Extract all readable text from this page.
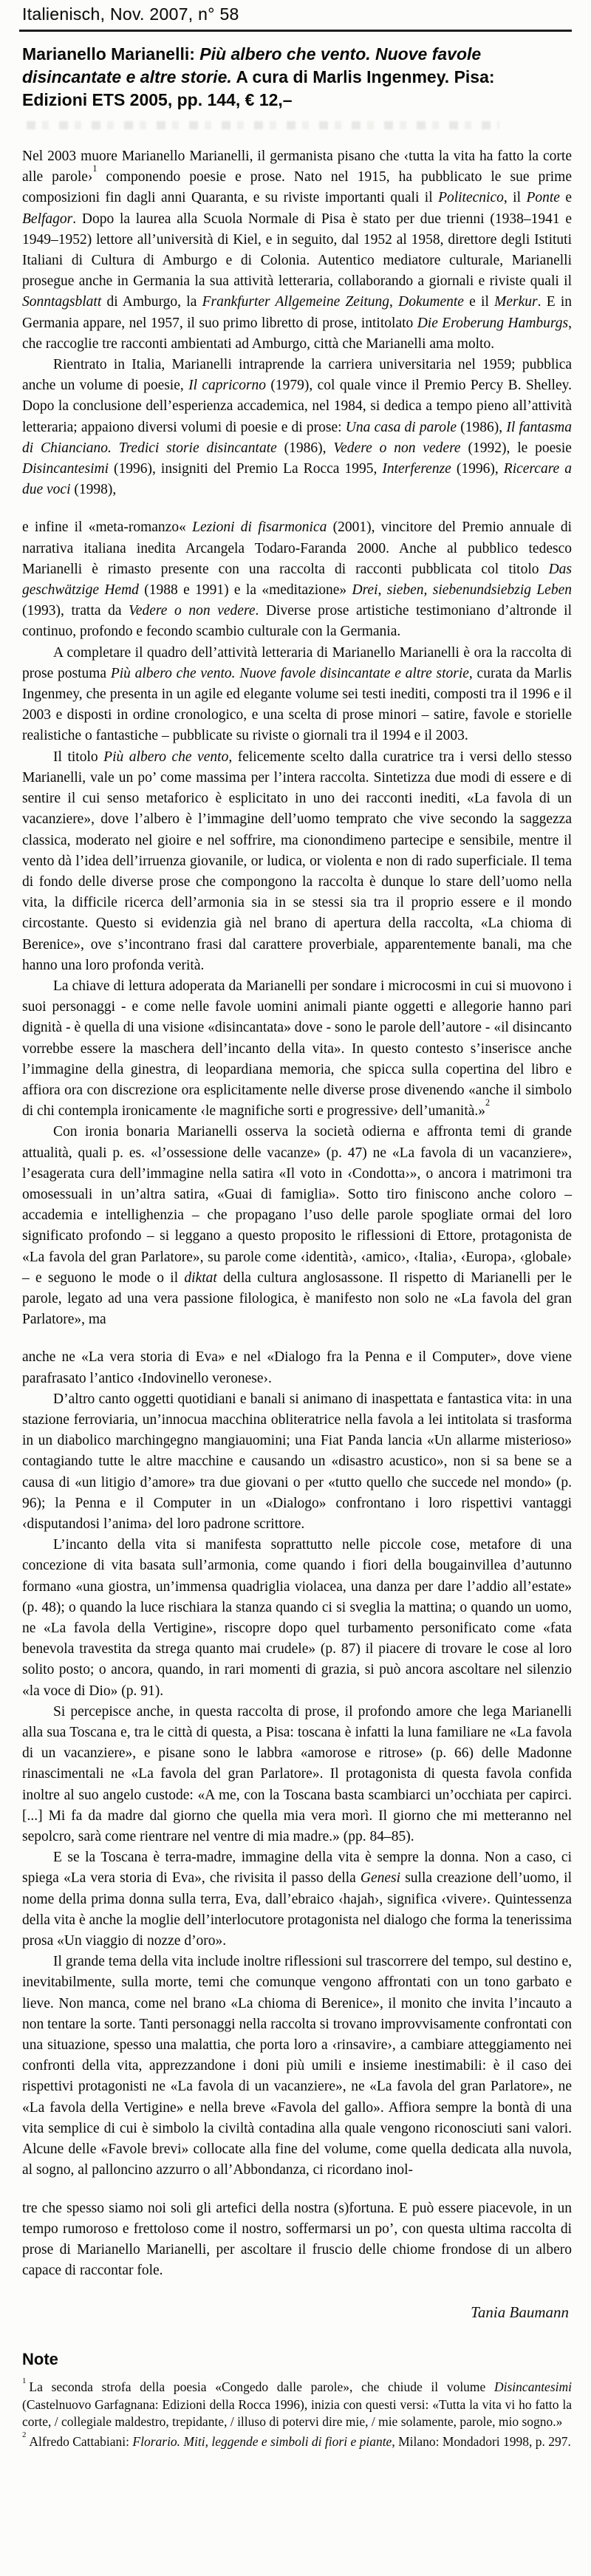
Italienisch, Nov. 2007, n° 58
Marianello Marianelli: Più albero che vento. Nuove favole disincantate e altre storie. A cura di Marlis Ingenmey. Pisa: Edizioni ETS 2005, pp. 144, € 12,–

Nel 2003 muore Marianello Marianelli, il germanista pisano che ‹tutta la vita ha fatto la corte alle parole›$^1$ componendo poesie e prose. Nato nel 1915, ha pubblicato le sue prime composizioni fin dagli anni Quaranta, e su riviste importanti quali il Politecnico, il Ponte e Belfagor. Dopo la laurea alla Scuola Normale di Pisa è stato per due trienni (1938–1941 e 1949–1952) lettore all’università di Kiel, e in seguito, dal 1952 al 1958, direttore degli Istituti Italiani di Cultura di Amburgo e di Colonia. Autentico mediatore culturale, Marianelli prosegue anche in Germania la sua attività letteraria, collaborando a giornali e riviste quali il Sonntagsblatt di Amburgo, la Frankfurter Allgemeine Zeitung, Dokumente e il Merkur. E in Germania appare, nel 1957, il suo primo libretto di prose, intitolato Die Eroberung Hamburgs, che raccoglie tre racconti ambientati ad Amburgo, città che Marianelli ama molto.

Rientrato in Italia, Marianelli intraprende la carriera universitaria nel 1959; pubblica anche un volume di poesie, Il capricorno (1979), col quale vince il Premio Percy B. Shelley. Dopo la conclusione dell’esperienza accademica, nel 1984, si dedica a tempo pieno all’attività letteraria; appaiono diversi volumi di poesie e di prose: Una casa di parole (1986), Il fantasma di Chianciano. Tredici storie disincantate (1986), Vedere o non vedere (1992), le poesie Disincantesimi (1996), insigniti del Premio La Rocca 1995, Interferenze (1996), Ricercare a due voci (1998),

e infine il «meta-romanzo« Lezioni di fisarmonica (2001), vincitore del Premio annuale di narrativa italiana inedita Arcangela Todaro-Faranda 2000. Anche al pubblico tedesco Marianelli è rimasto presente con una raccolta di racconti pubblicata col titolo Das geschwätzige Hemd (1988 e 1991) e la «meditazione» Drei, sieben, siebenundsiebzig Leben (1993), tratta da Vedere o non vedere. Diverse prose artistiche testimoniano d’altronde il continuo, profondo e fecondo scambio culturale con la Germania.

A completare il quadro dell’attività letteraria di Marianello Marianelli è ora la raccolta di prose postuma Più albero che vento. Nuove favole disincantate e altre storie, curata da Marlis Ingenmey, che presenta in un agile ed elegante volume sei testi inediti, composti tra il 1996 e il 2003 e disposti in ordine cronologico, e una scelta di prose minori – satire, favole e storielle realistiche o fantastiche – pubblicate su riviste o giornali tra il 1994 e il 2003.

Il titolo Più albero che vento, felicemente scelto dalla curatrice tra i versi dello stesso Marianelli, vale un po’ come massima per l’intera raccolta. Sintetizza due modi di essere e di sentire il cui senso metaforico è esplicitato in uno dei racconti inediti, «La favola di un vacanziere», dove l’albero è l’immagine dell’uomo temprato che vive secondo la saggezza classica, moderato nel gioire e nel soffrire, ma cionondimeno partecipe e sensibile, mentre il vento dà l’idea dell’irruenza giovanile, or ludica, or violenta e non di rado superficiale. Il tema di fondo delle diverse prose che compongono la raccolta è dunque lo stare dell’uomo nella vita, la difficile ricerca dell’armonia sia in se stessi sia tra il proprio essere e il mondo circostante. Questo si evidenzia già nel brano di apertura della raccolta, «La chioma di Berenice», ove s’incontrano frasi dal carattere proverbiale, apparentemente banali, ma che hanno una loro profonda verità.

La chiave di lettura adoperata da Marianelli per sondare i microcosmi in cui si muovono i suoi personaggi - e come nelle favole uomini animali piante oggetti e allegorie hanno pari dignità - è quella di una visione «disincantata» dove - sono le parole dell’autore - «il disincanto vorrebbe essere la maschera dell’incanto della vita». In questo contesto s’inserisce anche l’immagine della ginestra, di leopardiana memoria, che spicca sulla copertina del libro e affiora ora con discrezione ora esplicitamente nelle diverse prose divenendo «anche il simbolo di chi contempla ironicamente ‹le magnifiche sorti e progressive› dell’umanità.»$^2$

Con ironia bonaria Marianelli osserva la società odierna e affronta temi di grande attualità, quali p. es. «l’ossessione delle vacanze» (p. 47) ne «La favola di un vacanziere», l’esagerata cura dell’immagine nella satira «Il voto in ‹Condotta›», o ancora i matrimoni tra omosessuali in un’altra satira, «Guai di famiglia». Sotto tiro finiscono anche coloro – accademia e intellighenzia – che propagano l’uso delle parole spogliate ormai del loro significato profondo – si leggano a questo proposito le riflessioni di Ettore, protagonista de «La favola del gran Parlatore», su parole come ‹identità›, ‹amico›, ‹Italia›, ‹Europa›, ‹globale› – e seguono le mode o il diktat della cultura anglosassone. Il rispetto di Marianelli per le parole, legato ad una vera passione filologica, è manifesto non solo ne «La favola del gran Parlatore», ma

anche ne «La vera storia di Eva» e nel «Dialogo fra la Penna e il Computer», dove viene parafrasato l’antico ‹Indovinello veronese›.

D’altro canto oggetti quotidiani e banali si animano di inaspettata e fantastica vita: in una stazione ferroviaria, un’innocua macchina obliteratrice nella favola a lei intitolata si trasforma in un diabolico marchingegno mangiauomini; una Fiat Panda lancia «Un allarme misterioso» contagiando tutte le altre macchine e causando un «disastro acustico», non si sa bene se a causa di «un litigio d’amore» tra due giovani o per «tutto quello che succede nel mondo» (p. 96); la Penna e il Computer in un «Dialogo» confrontano i loro rispettivi vantaggi ‹disputandosi l’anima› del loro padrone scrittore.

L’incanto della vita si manifesta soprattutto nelle piccole cose, metafore di una concezione di vita basata sull’armonia, come quando i fiori della bougainvillea d’autunno formano «una giostra, un’immensa quadriglia violacea, una danza per dare l’addio all’estate» (p. 48); o quando la luce rischiara la stanza quando ci si sveglia la mattina; o quando un uomo, ne «La favola della Vertigine», riscopre dopo quel turbamento personificato come «fata benevola travestita da strega quanto mai crudele» (p. 87) il piacere di trovare le cose al loro solito posto; o ancora, quando, in rari momenti di grazia, si può ancora ascoltare nel silenzio «la voce di Dio» (p. 91).

Si percepisce anche, in questa raccolta di prose, il profondo amore che lega Marianelli alla sua Toscana e, tra le città di questa, a Pisa: toscana è infatti la luna familiare ne «La favola di un vacanziere», e pisane sono le labbra «amorose e ritrose» (p. 66) delle Madonne rinascimentali ne «La favola del gran Parlatore». Il protagonista di questa favola confida inoltre al suo angelo custode: «A me, con la Toscana basta scambiarci un’occhiata per capirci. [...] Mi fa da madre dal giorno che quella mia vera morì. Il giorno che mi metteranno nel sepolcro, sarà come rientrare nel ventre di mia madre.» (pp. 84–85).

E se la Toscana è terra-madre, immagine della vita è sempre la donna. Non a caso, ci spiega «La vera storia di Eva», che rivisita il passo della Genesi sulla creazione dell’uomo, il nome della prima donna sulla terra, Eva, dall’ebraico ‹hajah›, significa ‹vivere›. Quintessenza della vita è anche la moglie dell’interlocutore protagonista nel dialogo che forma la tenerissima prosa «Un viaggio di nozze d’oro».

Il grande tema della vita include inoltre riflessioni sul trascorrere del tempo, sul destino e, inevitabilmente, sulla morte, temi che comunque vengono affrontati con un tono garbato e lieve. Non manca, come nel brano «La chioma di Berenice», il monito che invita l’incauto a non tentare la sorte. Tanti personaggi nella raccolta si trovano improvvisamente confrontati con una situazione, spesso una malattia, che porta loro a ‹rinsavire›, a cambiare atteggiamento nei confronti della vita, apprezzandone i doni più umili e insieme inestimabili: è il caso dei rispettivi protagonisti ne «La favola di un vacanziere», ne «La favola del gran Parlatore», ne «La favola della Vertigine» e nella breve «Favola del gallo». Affiora sempre la bontà di una vita semplice di cui è simbolo la civiltà contadina alla quale vengono riconosciuti sani valori. Alcune delle «Favole brevi» collocate alla fine del volume, come quella dedicata alla nuvola, al sogno, al palloncino azzurro o all’Abbondanza, ci ricordano inol-

tre che spesso siamo noi soli gli artefici della nostra (s)fortuna. E può essere piacevole, in un tempo rumoroso e frettoloso come il nostro, soffermarsi un po’, con questa ultima raccolta di prose di Marianello Marianelli, per ascoltare il fruscio delle chiome frondose di un albero capace di raccontar fole.

Tania Baumann
Note

$^1$ La seconda strofa della poesia «Congedo dalle parole», che chiude il volume Disincantesimi (Castelnuovo Garfagnana: Edizioni della Rocca 1996), inizia con questi versi: «Tutta la vita vi ho fatto la corte, / collegiale maldestro, trepidante, / illuso di potervi dire mie, / mie solamente, parole, mio sogno.»

$^2$ Alfredo Cattabiani: Florario. Miti, leggende e simboli di fiori e piante, Milano: Mondadori 1998, p. 297.
